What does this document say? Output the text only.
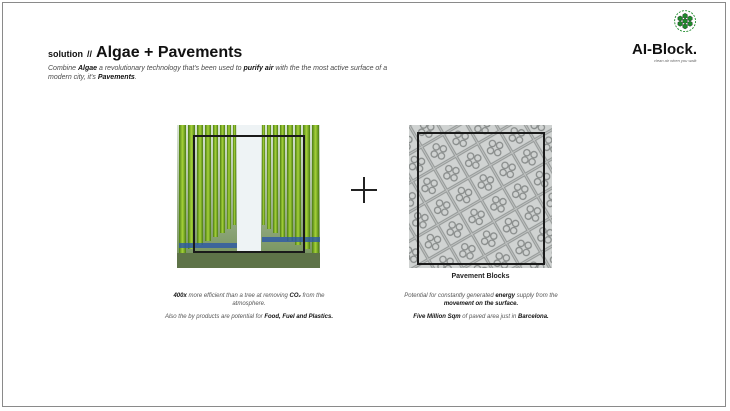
solution // Algae + Pavements
Combine Algae a revolutionary technology that's been used to purify air with the the most active surface of a modern city, it's Pavements.
AI-Block.
clean air when you walk
Pavement Blocks
400x more efficient than a tree at removing CO₂ from the atmosphere.
Also the by products are potential for Food, Fuel and Plastics.
Potential for constantly generated energy supply from the movement on the surface.
Five Million Sqm of paved area just in Barcelona.
